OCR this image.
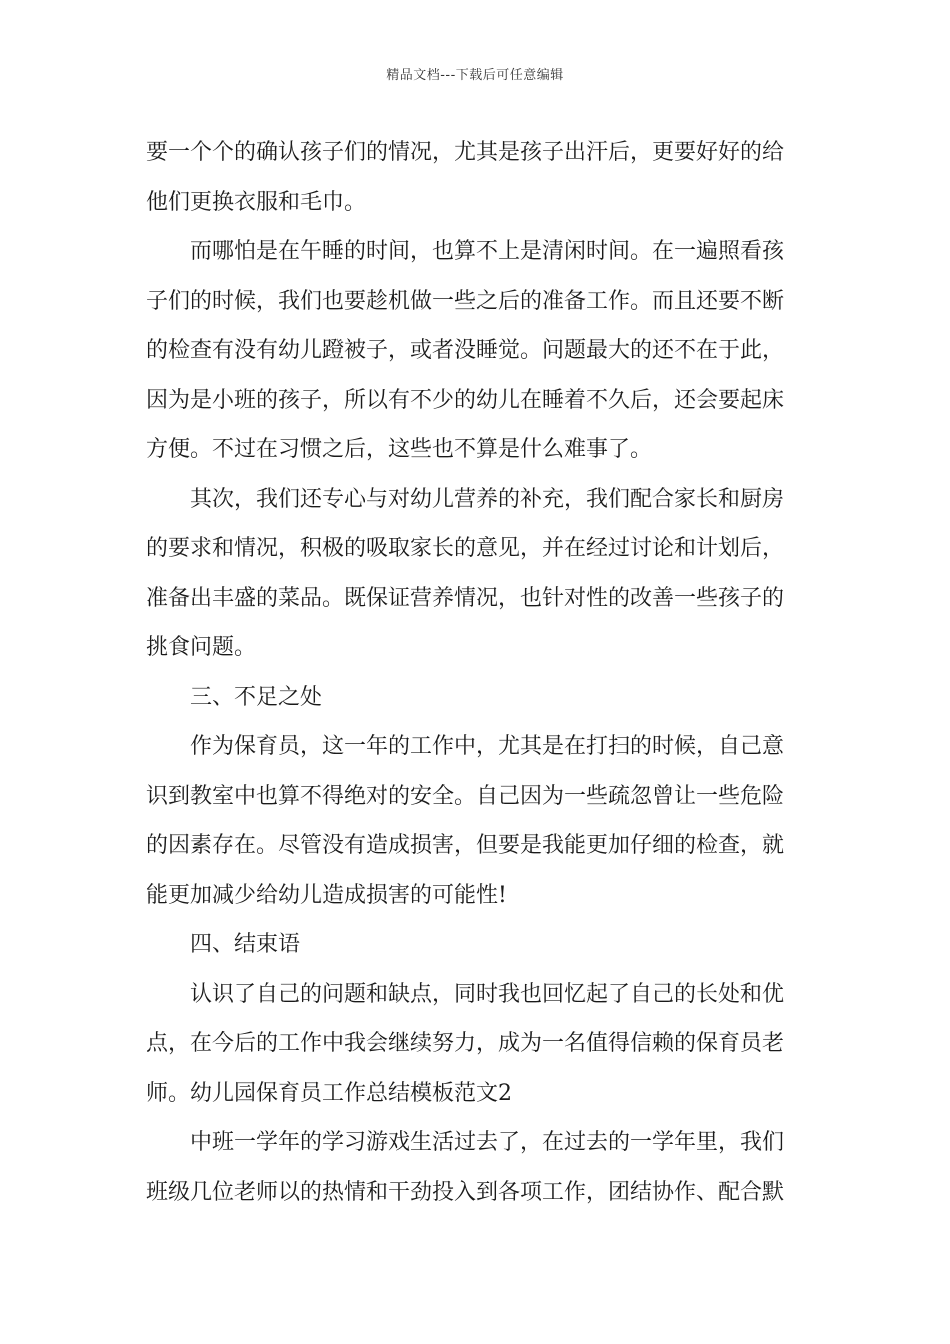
精品文档---下载后可任意编辑
要一个个的确认孩子们的情况，尤其是孩子出汗后，更要好好的给
他们更换衣服和毛巾。
而哪怕是在午睡的时间，也算不上是清闲时间。在一遍照看孩
子们的时候，我们也要趁机做一些之后的准备工作。而且还要不断
的检查有没有幼儿蹬被子，或者没睡觉。问题最大的还不在于此，
因为是小班的孩子，所以有不少的幼儿在睡着不久后，还会要起床
方便。不过在习惯之后，这些也不算是什么难事了。
其次，我们还专心与对幼儿营养的补充，我们配合家长和厨房
的要求和情况，积极的吸取家长的意见，并在经过讨论和计划后，
准备出丰盛的菜品。既保证营养情况，也针对性的改善一些孩子的
挑食问题。
三、不足之处
作为保育员，这一年的工作中，尤其是在打扫的时候，自己意
识到教室中也算不得绝对的安全。自己因为一些疏忽曾让一些危险
的因素存在。尽管没有造成损害，但要是我能更加仔细的检查，就
能更加减少给幼儿造成损害的可能性!
四、结束语
认识了自己的问题和缺点，同时我也回忆起了自己的长处和优
点，在今后的工作中我会继续努力，成为一名值得信赖的保育员老
师。幼儿园保育员工作总结模板范文2
中班一学年的学习游戏生活过去了，在过去的一学年里，我们
班级几位老师以的热情和干劲投入到各项工作，团结协作、配合默
